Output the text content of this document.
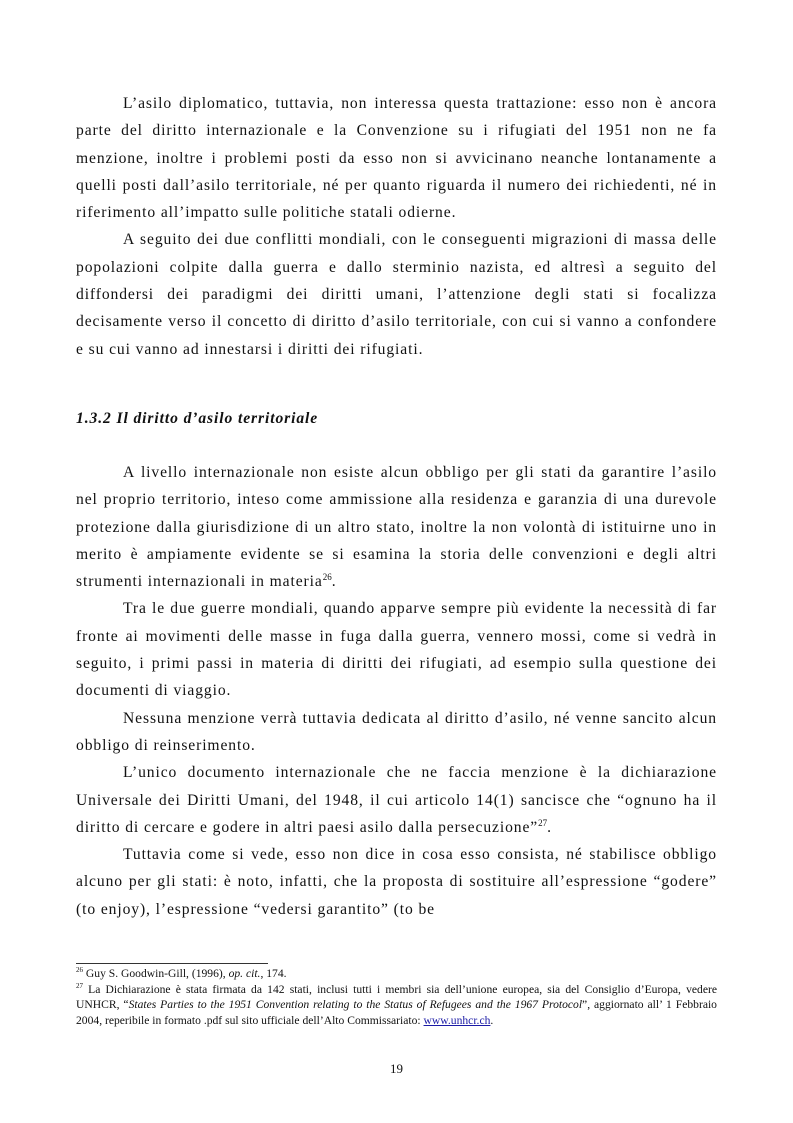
L’asilo diplomatico, tuttavia, non interessa questa trattazione: esso non è ancora parte del diritto internazionale e la Convenzione su i rifugiati del 1951 non ne fa menzione, inoltre i problemi posti da esso non si avvicinano neanche lontanamente a quelli posti dall’asilo territoriale, né per quanto riguarda il numero dei richiedenti, né in riferimento all’impatto sulle politiche statali odierne.

A seguito dei due conflitti mondiali, con le conseguenti migrazioni di massa delle popolazioni colpite dalla guerra e dallo sterminio nazista, ed altresì a seguito del diffondersi dei paradigmi dei diritti umani, l’attenzione degli stati si focalizza decisamente verso il concetto di diritto d’asilo territoriale, con cui si vanno a confondere e su cui vanno ad innestarsi i diritti dei rifugiati.

1.3.2 Il diritto d’asilo territoriale

A livello internazionale non esiste alcun obbligo per gli stati da garantire l’asilo nel proprio territorio, inteso come ammissione alla residenza e garanzia di una durevole protezione dalla giurisdizione di un altro stato, inoltre la non volontà di istituirne uno in merito è ampiamente evidente se si esamina la storia delle convenzioni e degli altri strumenti internazionali in materia$^{26}$.

Tra le due guerre mondiali, quando apparve sempre più evidente la necessità di far fronte ai movimenti delle masse in fuga dalla guerra, vennero mossi, come si vedrà in seguito, i primi passi in materia di diritti dei rifugiati, ad esempio sulla questione dei documenti di viaggio.

Nessuna menzione verrà tuttavia dedicata al diritto d’asilo, né venne sancito alcun obbligo di reinserimento.

L’unico documento internazionale che ne faccia menzione è la dichiarazione Universale dei Diritti Umani, del 1948, il cui articolo 14(1) sancisce che “ognuno ha il diritto di cercare e godere in altri paesi asilo dalla persecuzione”$^{27}$.

Tuttavia come si vede, esso non dice in cosa esso consista, né stabilisce obbligo alcuno per gli stati: è noto, infatti, che la proposta di sostituire all’espressione “godere” (to enjoy), l’espressione “vedersi garantito” (to be

$^{26}$ Guy S. Goodwin-Gill, (1996), op. cit., 174.

$^{27}$ La Dichiarazione è stata firmata da 142 stati, inclusi tutti i membri sia dell’unione europea, sia del Consiglio d’Europa, vedere UNHCR, “States Parties to the 1951 Convention relating to the Status of Refugees and the 1967 Protocol”, aggiornato all’ 1 Febbraio 2004, reperibile in formato .pdf sul sito ufficiale dell’Alto Commissariato: www.unhcr.ch.

19
